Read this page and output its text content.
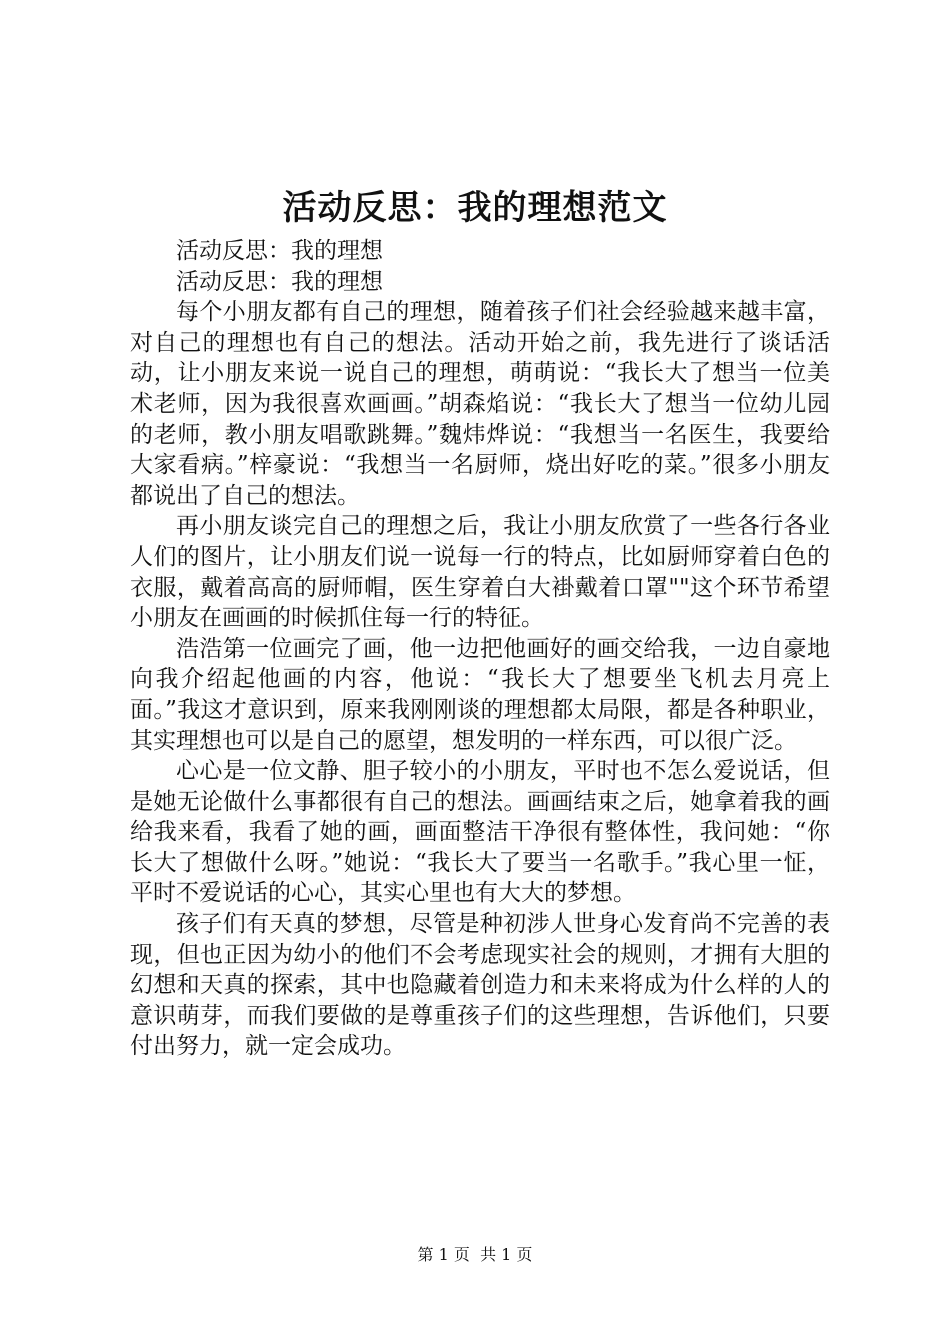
活动反思：我的理想范文

活动反思：我的理想

活动反思：我的理想

每个小朋友都有自己的理想，随着孩子们社会经验越来越丰富，对自己的理想也有自己的想法。活动开始之前，我先进行了谈话活动，让小朋友来说一说自己的理想，萌萌说：“我长大了想当一位美术老师，因为我很喜欢画画。”胡森焰说：“我长大了想当一位幼儿园的老师，教小朋友唱歌跳舞。”魏炜烨说：“我想当一名医生，我要给大家看病。”梓豪说：“我想当一名厨师，烧出好吃的菜。”很多小朋友都说出了自己的想法。

再小朋友谈完自己的理想之后，我让小朋友欣赏了一些各行各业人们的图片，让小朋友们说一说每一行的特点，比如厨师穿着白色的衣服，戴着高高的厨师帽，医生穿着白大褂戴着口罩""这个环节希望小朋友在画画的时候抓住每一行的特征。

浩浩第一位画完了画，他一边把他画好的画交给我，一边自豪地向我介绍起他画的内容，他说：“我长大了想要坐飞机去月亮上面。”我这才意识到，原来我刚刚谈的理想都太局限，都是各种职业，其实理想也可以是自己的愿望，想发明的一样东西，可以很广泛。

心心是一位文静、胆子较小的小朋友，平时也不怎么爱说话，但是她无论做什么事都很有自己的想法。画画结束之后，她拿着我的画给我来看，我看了她的画，画面整洁干净很有整体性，我问她：“你长大了想做什么呀。”她说：“我长大了要当一名歌手。”我心里一怔，平时不爱说话的心心，其实心里也有大大的梦想。

孩子们有天真的梦想，尽管是种初涉人世身心发育尚不完善的表现，但也正因为幼小的他们不会考虑现实社会的规则，才拥有大胆的幻想和天真的探索，其中也隐藏着创造力和未来将成为什么样的人的意识萌芽，而我们要做的是尊重孩子们的这些理想，告诉他们，只要付出努力，就一定会成功。

第 1 页  共 1 页
